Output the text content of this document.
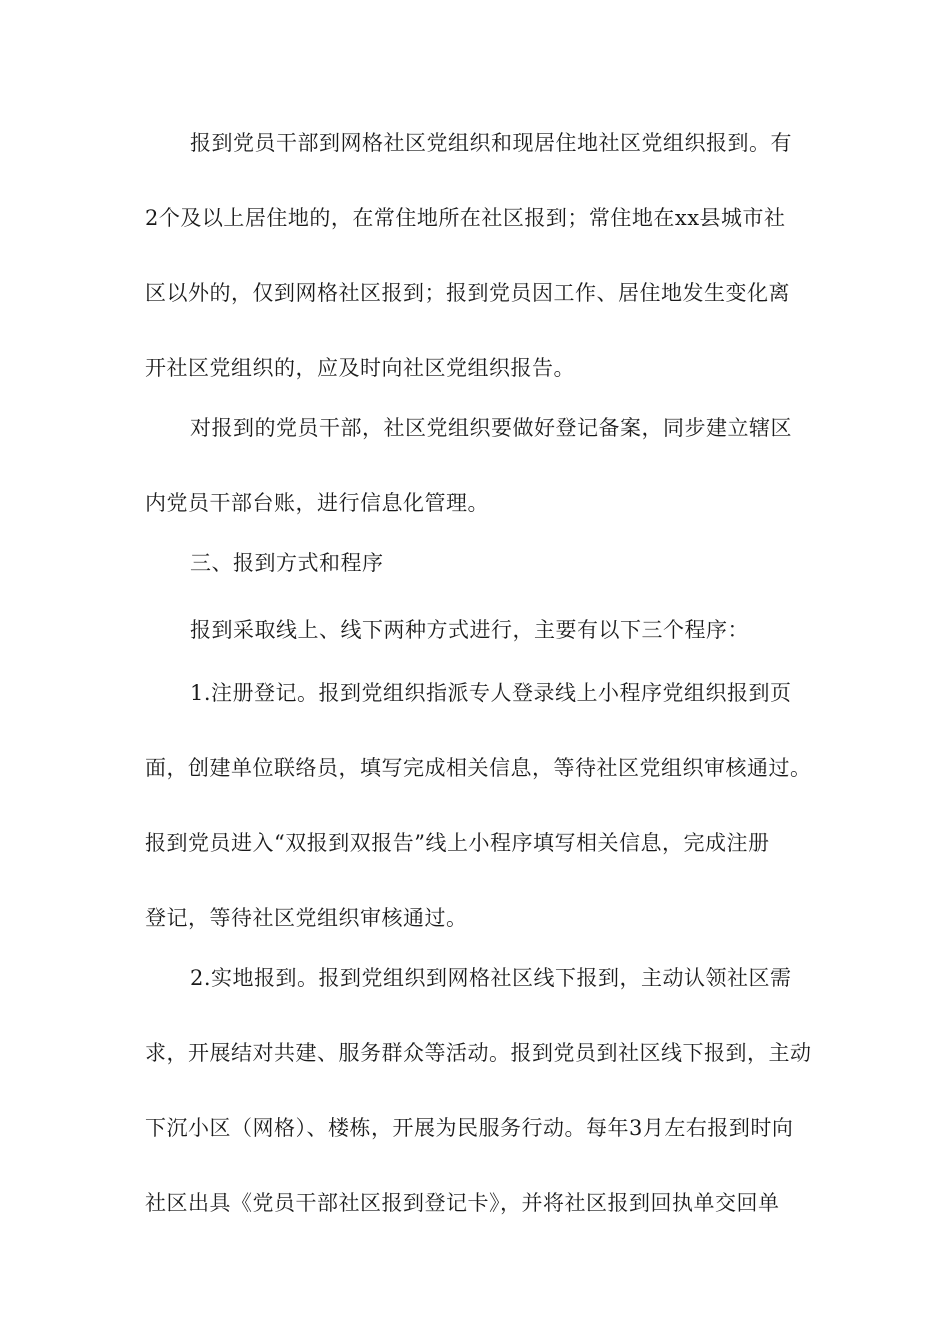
报到党员干部到网格社区党组织和现居住地社区党组织报到。有
2个及以上居住地的，在常住地所在社区报到；常住地在xx县城市社
区以外的，仅到网格社区报到；报到党员因工作、居住地发生变化离
开社区党组织的，应及时向社区党组织报告。
对报到的党员干部，社区党组织要做好登记备案，同步建立辖区
内党员干部台账，进行信息化管理。
三、报到方式和程序
报到采取线上、线下两种方式进行，主要有以下三个程序：
1.注册登记。报到党组织指派专人登录线上小程序党组织报到页
面，创建单位联络员，填写完成相关信息，等待社区党组织审核通过。
报到党员进入“双报到双报告”线上小程序填写相关信息，完成注册
登记，等待社区党组织审核通过。
2.实地报到。报到党组织到网格社区线下报到，主动认领社区需
求，开展结对共建、服务群众等活动。报到党员到社区线下报到，主动
下沉小区（网格）、楼栋，开展为民服务行动。每年3月左右报到时向
社区出具《党员干部社区报到登记卡》，并将社区报到回执单交回单
